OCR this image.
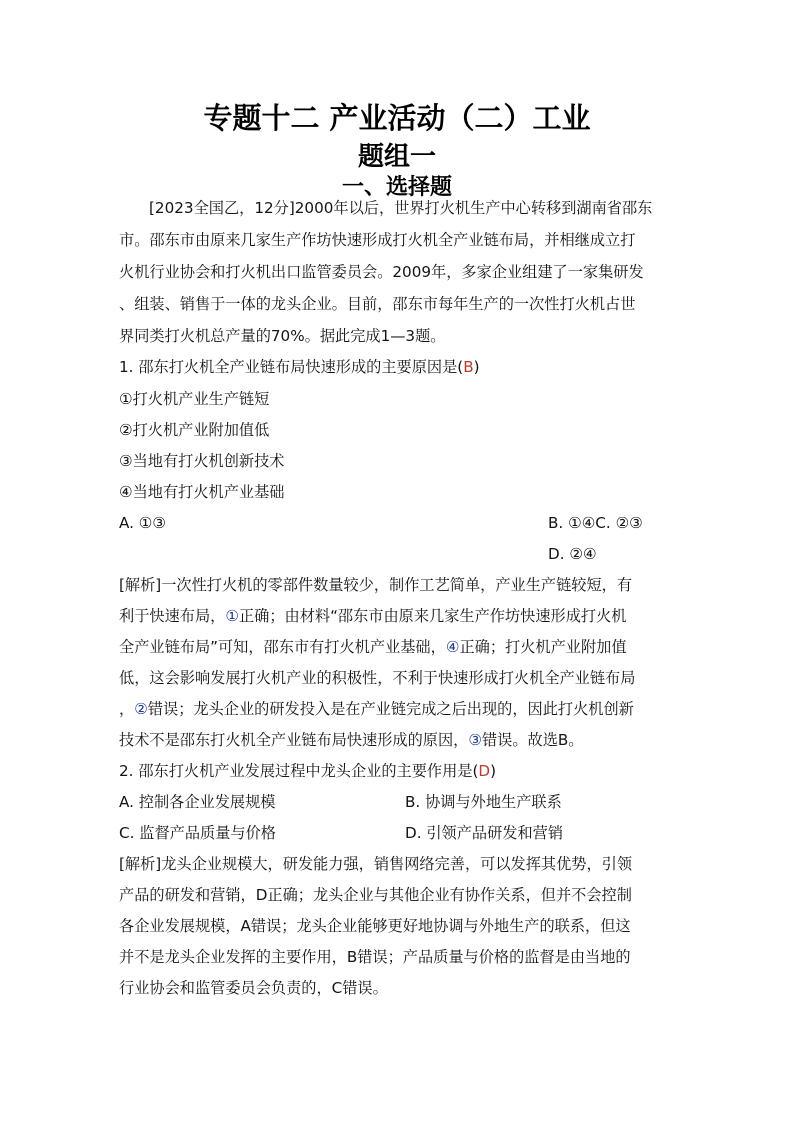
专题十二 产业活动（二）工业
题组一
一、选择题
[2023全国乙，12分]2000年以后，世界打火机生产中心转移到湖南省邵东
市。邵东市由原来几家生产作坊快速形成打火机全产业链布局，并相继成立打
火机行业协会和打火机出口监管委员会。2009年，多家企业组建了一家集研发
、组装、销售于一体的龙头企业。目前，邵东市每年生产的一次性打火机占世
界同类打火机总产量的70%。据此完成1—3题。
1. 邵东打火机全产业链布局快速形成的主要原因是(B)
①打火机产业生产链短
②打火机产业附加值低
③当地有打火机创新技术
④当地有打火机产业基础
A. ①③	B. ①④C. ②③
D. ②④
[解析]一次性打火机的零部件数量较少，制作工艺简单，产业生产链较短，有
利于快速布局，①正确；由材料“邵东市由原来几家生产作坊快速形成打火机
全产业链布局”可知，邵东市有打火机产业基础，④正确；打火机产业附加值
低，这会影响发展打火机产业的积极性，不利于快速形成打火机全产业链布局
，②错误；龙头企业的研发投入是在产业链完成之后出现的，因此打火机创新
技术不是邵东打火机全产业链布局快速形成的原因，③错误。故选B。
2. 邵东打火机产业发展过程中龙头企业的主要作用是(D)
A. 控制各企业发展规模	B. 协调与外地生产联系
C. 监督产品质量与价格	D. 引领产品研发和营销
[解析]龙头企业规模大，研发能力强，销售网络完善，可以发挥其优势，引领
产品的研发和营销，D正确；龙头企业与其他企业有协作关系，但并不会控制
各企业发展规模，A错误；龙头企业能够更好地协调与外地生产的联系，但这
并不是龙头企业发挥的主要作用，B错误；产品质量与价格的监督是由当地的
行业协会和监管委员会负责的，C错误。
